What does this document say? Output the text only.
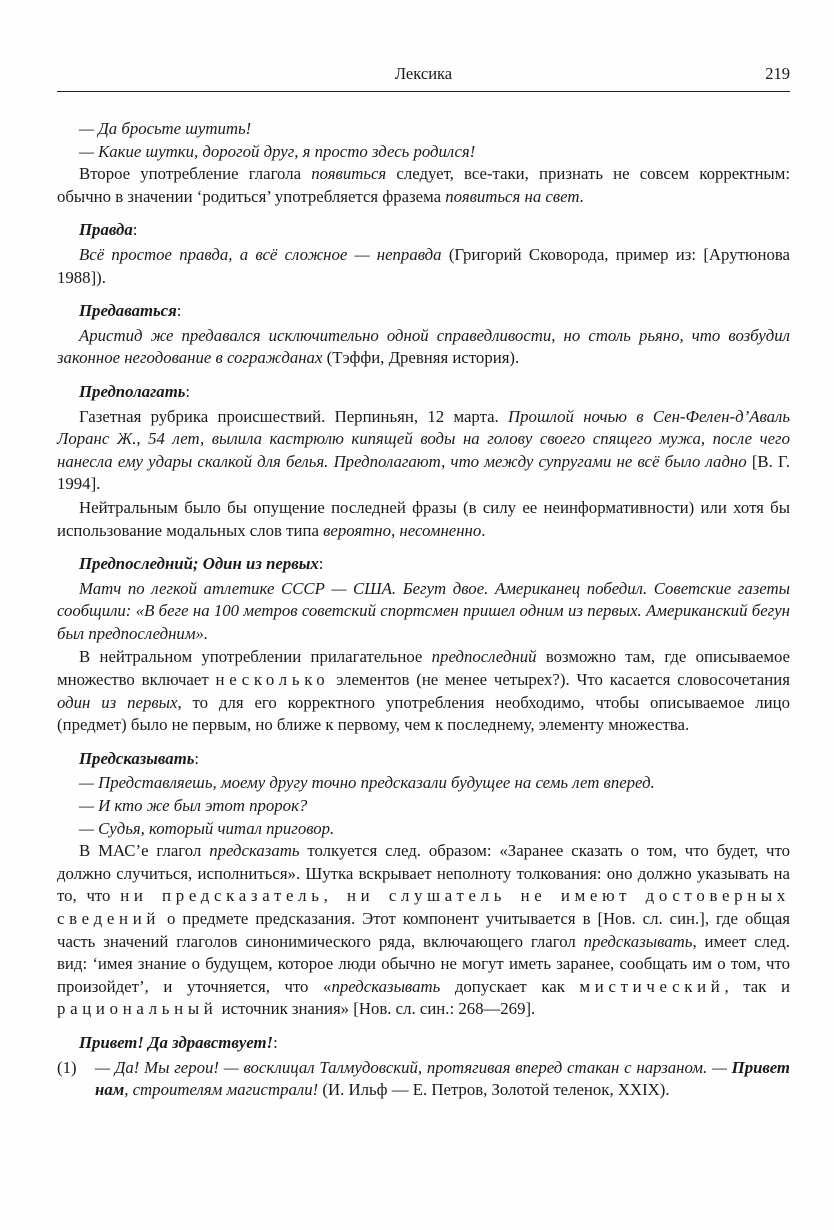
Лексика	219

— Да бросьте шутить!

— Какие шутки, дорогой друг, я просто здесь родился!

Второе употребление глагола появиться следует, все-таки, признать не совсем корректным: обычно в значении ‘родиться’ употребляется фразема появиться на свет.

Правда:

Всё простое правда, а всё сложное — неправда (Григорий Сковорода, пример из: [Арутюнова 1988]).

Предаваться:

Аристид же предавался исключительно одной справедливости, но столь рьяно, что возбудил законное негодование в согражданах (Тэффи, Древняя история).

Предполагать:

Газетная рубрика происшествий. Перпиньян, 12 марта. Прошлой ночью в Сен-Фелен-д’Аваль Лоранс Ж., 54 лет, вылила кастрюлю кипящей воды на голову своего спящего мужа, после чего нанесла ему удары скалкой для белья. Предполагают, что между супругами не всё было ладно [В. Г. 1994].

Нейтральным было бы опущение последней фразы (в силу ее неинформативности) или хотя бы использование модальных слов типа вероятно, несомненно.

Предпоследний; Один из первых:

Матч по легкой атлетике СССР — США. Бегут двое. Американец победил. Советские газеты сообщили: «В беге на 100 метров советский спортсмен пришел одним из первых. Американский бегун был предпоследним».

В нейтральном употреблении прилагательное предпоследний возможно там, где описываемое множество включает несколько элементов (не менее четырех?). Что касается словосочетания один из первых, то для его корректного употребления необходимо, чтобы описываемое лицо (предмет) было не первым, но ближе к первому, чем к последнему, элементу множества.

Предсказывать:

— Представляешь, моему другу точно предсказали будущее на семь лет вперед.

— И кто же был этот пророк?

— Судья, который читал приговор.

В МАС’е глагол предсказать толкуется след. образом: «Заранее сказать о том, что будет, что должно случиться, исполниться». Шутка вскрывает неполноту толкования: оно должно указывать на то, что ни предсказатель, ни слушатель не имеют достоверных сведений о предмете предсказания. Этот компонент учитывается в [Нов. сл. син.], где общая часть значений глаголов синонимического ряда, включающего глагол предсказывать, имеет след. вид: ‘имея знание о будущем, которое люди обычно не могут иметь заранее, сообщать им о том, что произойдет’, и уточняется, что «предсказывать допускает как мистический, так и рациональный источник знания» [Нов. сл. син.: 268—269].

Привет! Да здравствует!:

(1)	— Да! Мы герои! — восклицал Талмудовский, протягивая вперед стакан с нарзаном. — Привет нам, строителям магистрали! (И. Ильф — Е. Петров, Золотой теленок, XXIX).
